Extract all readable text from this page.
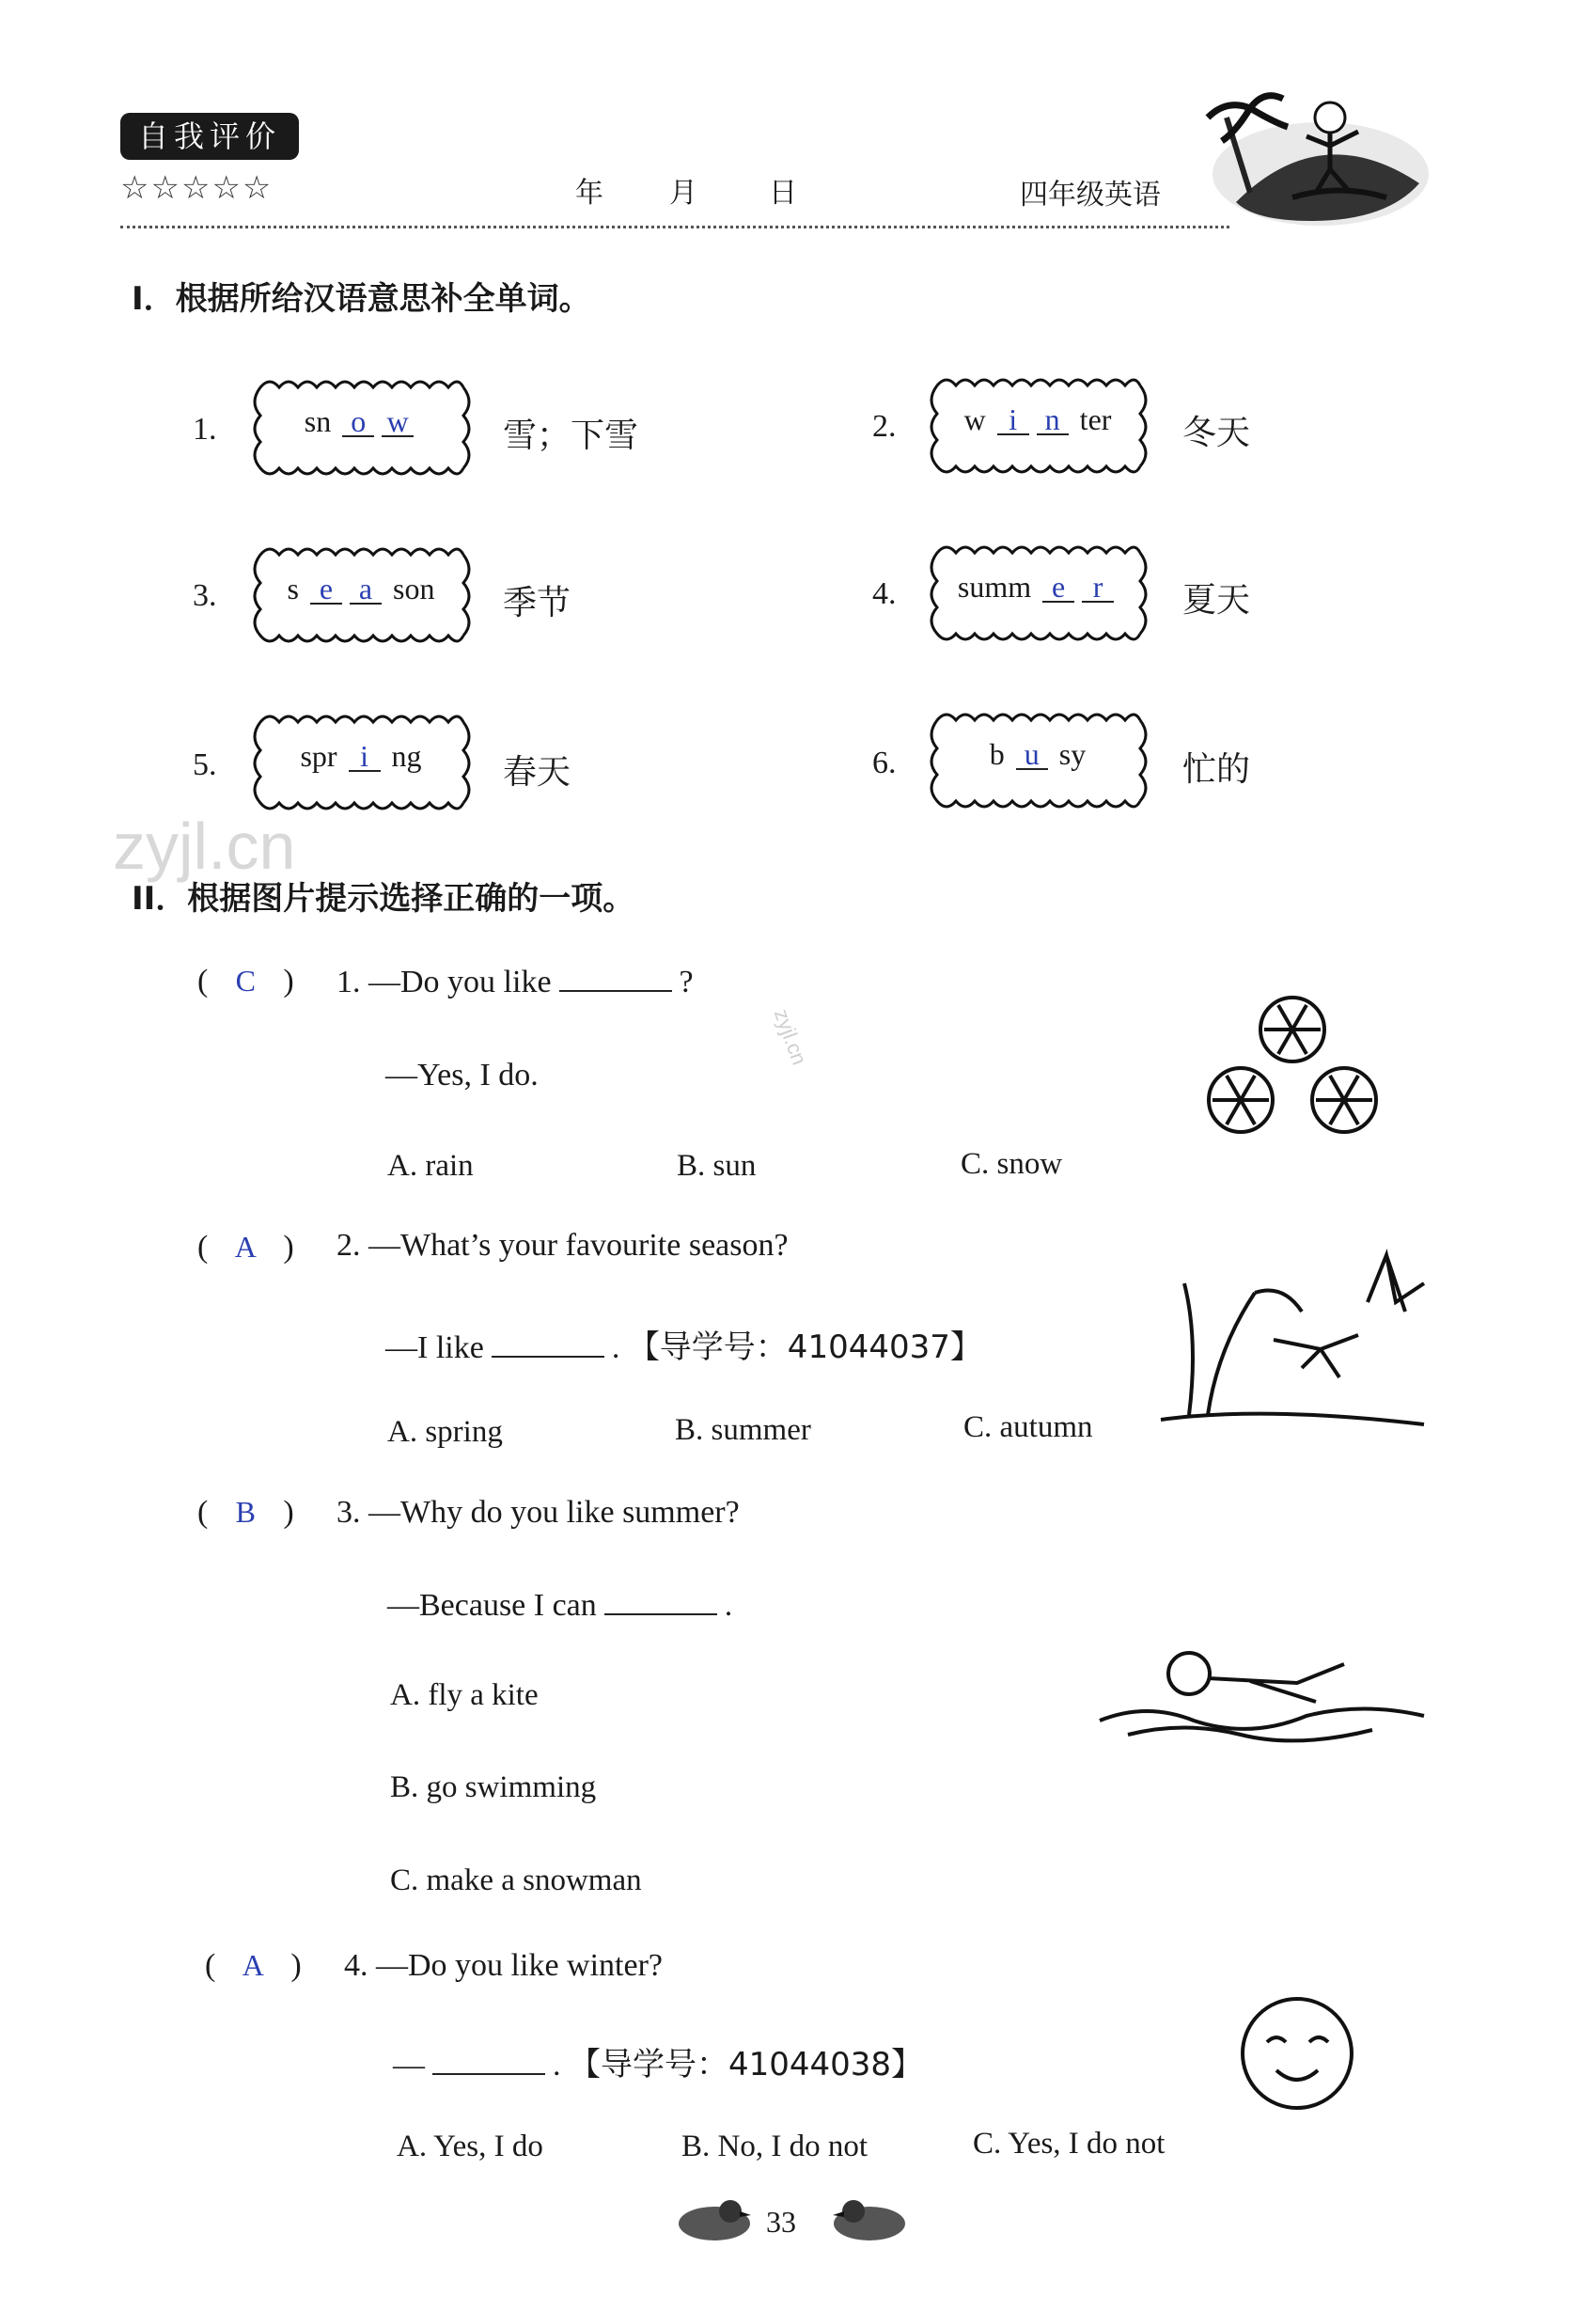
自我评价
☆☆☆☆☆	年 月	日	四年级英语
zyjl.cn
zyjl.cn
I．根据所给汉语意思补全单词。
1.	sn o w	雪；下雪	2.	w i n ter	冬天
3.	s e a son	季节	4.	summ e r	夏天
5.	spr i ng	春天	6.	b u sy	忙的
II．根据图片提示选择正确的一项。
( C ) 1. —Do you like	?
—Yes, I do.
A. rain	B. sun	C. snow
( A ) 2. —What’s your favourite season?
—I like	. 【导学号：41044037】
A. spring	B. summer	C. autumn
( B ) 3. —Why do you like summer?
—Because I can	.
A. fly a kite
B. go swimming
C. make a snowman
( A ) 4. —Do you like winter?
—	. 【导学号：41044038】
A. Yes, I do	B. No, I do not	C. Yes, I do not
33
